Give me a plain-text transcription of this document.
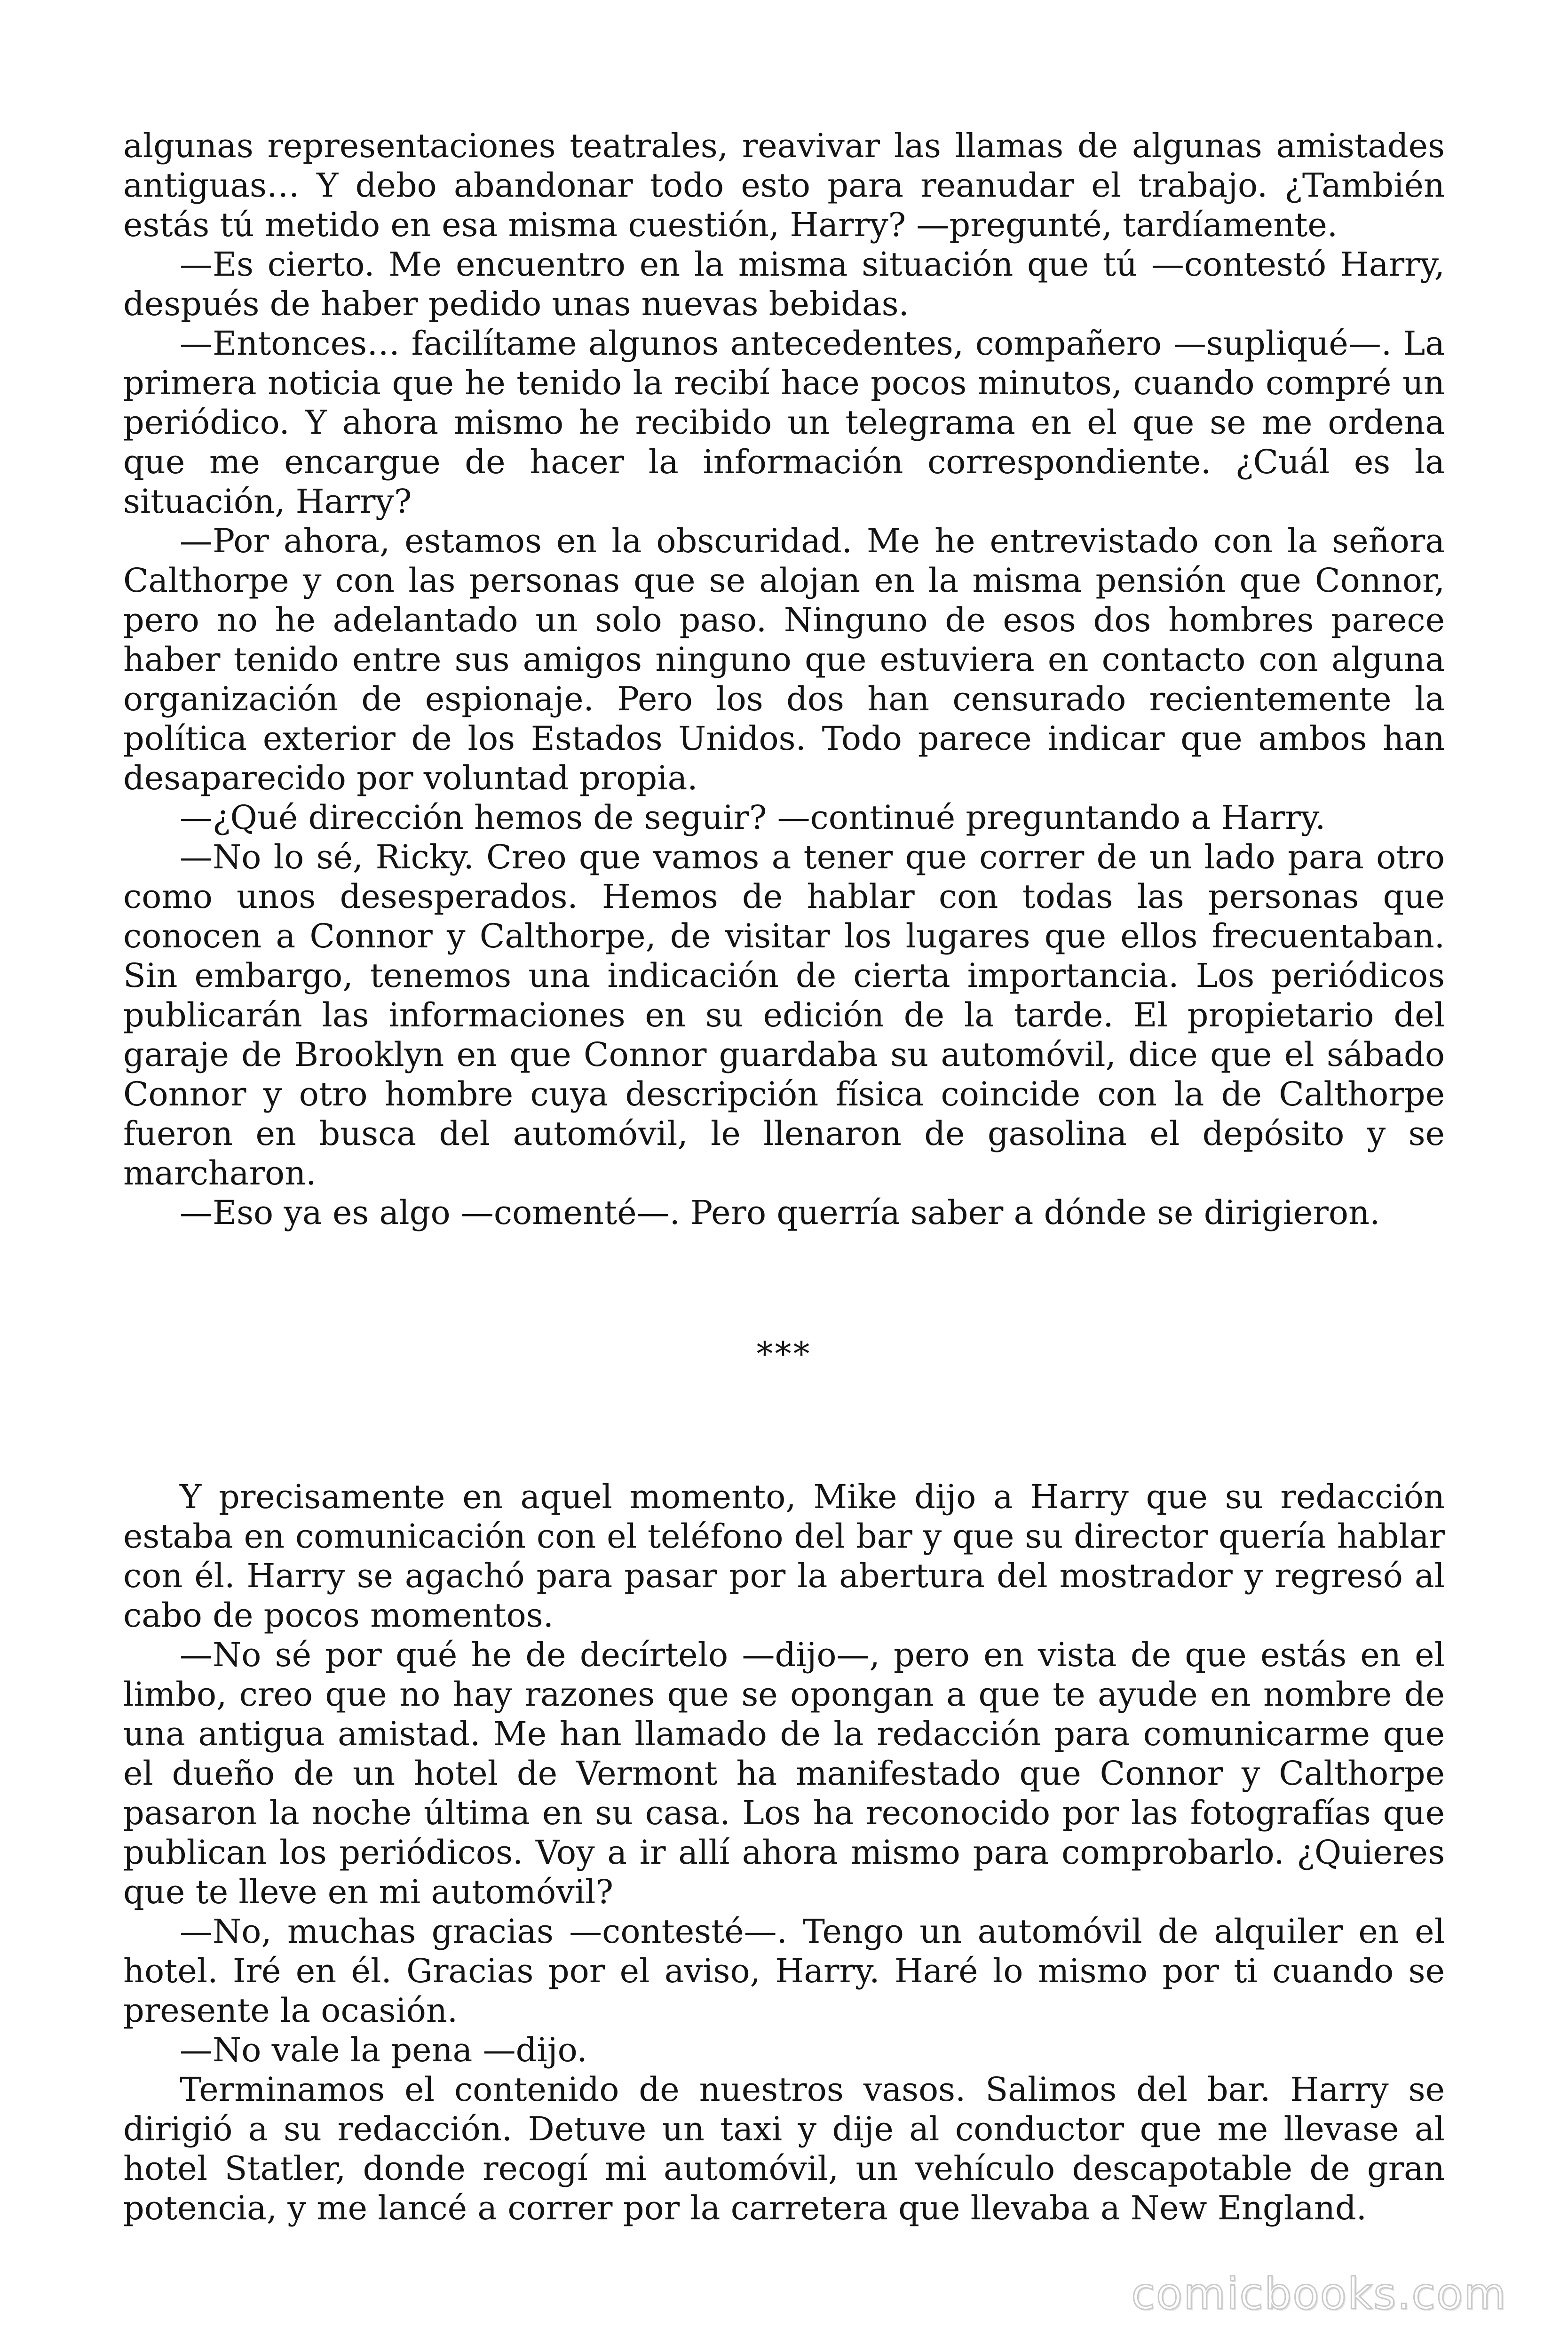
algunas representaciones teatrales, reavivar las llamas de algunas amistades antiguas… Y debo abandonar todo esto para reanudar el trabajo. ¿También estás tú metido en esa misma cuestión, Harry? —pregunté, tardíamente.

—Es cierto. Me encuentro en la misma situación que tú —contestó Harry, después de haber pedido unas nuevas bebidas.

—Entonces… facilítame algunos antecedentes, compañero —supliqué—. La primera noticia que he tenido la recibí hace pocos minutos, cuando compré un periódico. Y ahora mismo he recibido un telegrama en el que se me ordena que me encargue de hacer la información correspondiente. ¿Cuál es la situación, Harry?

—Por ahora, estamos en la obscuridad. Me he entrevistado con la señora Calthorpe y con las personas que se alojan en la misma pensión que Connor, pero no he adelantado un solo paso. Ninguno de esos dos hombres parece haber tenido entre sus amigos ninguno que estuviera en contacto con alguna organización de espionaje. Pero los dos han censurado recientemente la política exterior de los Estados Unidos. Todo parece indicar que ambos han desaparecido por voluntad propia.

—¿Qué dirección hemos de seguir? —continué preguntando a Harry.

—No lo sé, Ricky. Creo que vamos a tener que correr de un lado para otro como unos desesperados. Hemos de hablar con todas las personas que conocen a Connor y Calthorpe, de visitar los lugares que ellos frecuentaban. Sin embargo, tenemos una indicación de cierta importancia. Los periódicos publicarán las informaciones en su edición de la tarde. El propietario del garaje de Brooklyn en que Connor guardaba su automóvil, dice que el sábado Connor y otro hombre cuya descripción física coincide con la de Calthorpe fueron en busca del automóvil, le llenaron de gasolina el depósito y se marcharon.

—Eso ya es algo —comenté—. Pero querría saber a dónde se dirigieron.

***

Y precisamente en aquel momento, Mike dijo a Harry que su redacción estaba en comunicación con el teléfono del bar y que su director quería hablar con él. Harry se agachó para pasar por la abertura del mostrador y regresó al cabo de pocos momentos.

—No sé por qué he de decírtelo —dijo—, pero en vista de que estás en el limbo, creo que no hay razones que se opongan a que te ayude en nombre de una antigua amistad. Me han llamado de la redacción para comunicarme que el dueño de un hotel de Vermont ha manifestado que Connor y Calthorpe pasaron la noche última en su casa. Los ha reconocido por las fotografías que publican los periódicos. Voy a ir allí ahora mismo para comprobarlo. ¿Quieres que te lleve en mi automóvil?

—No, muchas gracias —contesté—. Tengo un automóvil de alquiler en el hotel. Iré en él. Gracias por el aviso, Harry. Haré lo mismo por ti cuando se presente la ocasión.

—No vale la pena —dijo.

Terminamos el contenido de nuestros vasos. Salimos del bar. Harry se dirigió a su redacción. Detuve un taxi y dije al conductor que me llevase al hotel Statler, donde recogí mi automóvil, un vehículo descapotable de gran potencia, y me lancé a correr por la carretera que llevaba a New England.

comicbooks.com
